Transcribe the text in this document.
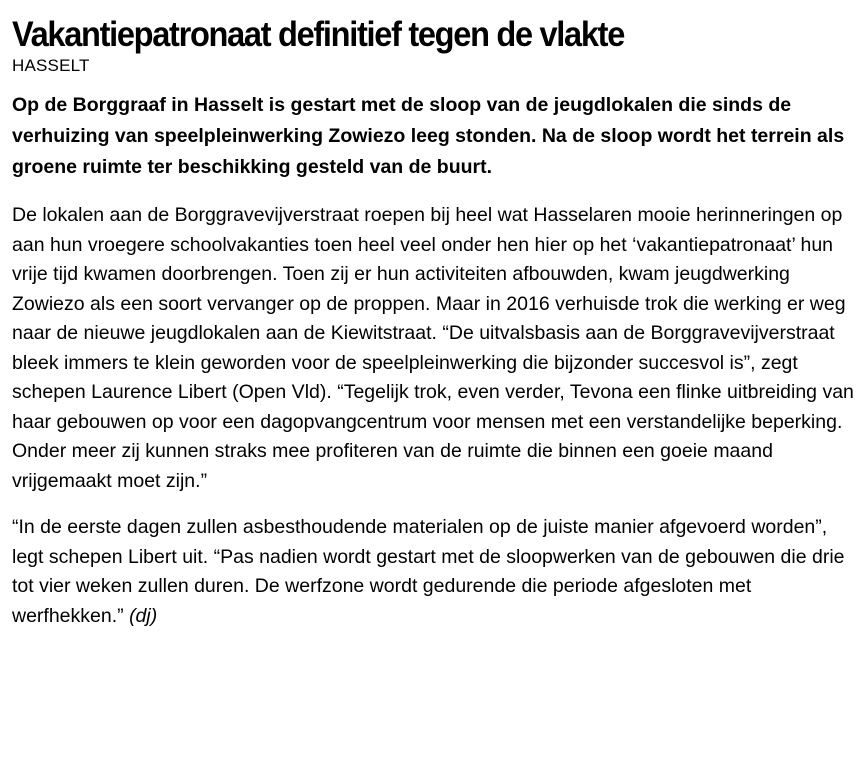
Vakantiepatronaat definitief tegen de vlakte
HASSELT

Op de Borggraaf in Hasselt is gestart met de sloop van de jeugdlokalen die sinds de verhuizing van speelpleinwerking Zowiezo leeg stonden. Na de sloop wordt het terrein als groene ruimte ter beschikking gesteld van de buurt.

De lokalen aan de Borggravevijverstraat roepen bij heel wat Hasselaren mooie herinneringen op aan hun vroegere schoolvakanties toen heel veel onder hen hier op het ‘vakantiepatronaat’ hun vrije tijd kwamen doorbrengen. Toen zij er hun activiteiten afbouwden, kwam jeugdwerking Zowiezo als een soort vervanger op de proppen. Maar in 2016 verhuisde trok die werking er weg naar de nieuwe jeugdlokalen aan de Kiewitstraat. “De uitvalsbasis aan de Borggravevijverstraat bleek immers te klein geworden voor de speelpleinwerking die bijzonder succesvol is”, zegt schepen Laurence Libert (Open Vld). “Tegelijk trok, even verder, Tevona een flinke uitbreiding van haar gebouwen op voor een dagopvangcentrum voor mensen met een verstandelijke beperking. Onder meer zij kunnen straks mee profiteren van de ruimte die binnen een goeie maand vrijgemaakt moet zijn.”

“In de eerste dagen zullen asbesthoudende materialen op de juiste manier afgevoerd worden”, legt schepen Libert uit. “Pas nadien wordt gestart met de sloopwerken van de gebouwen die drie tot vier weken zullen duren. De werfzone wordt gedurende die periode afgesloten met werfhekken.” (dj)
